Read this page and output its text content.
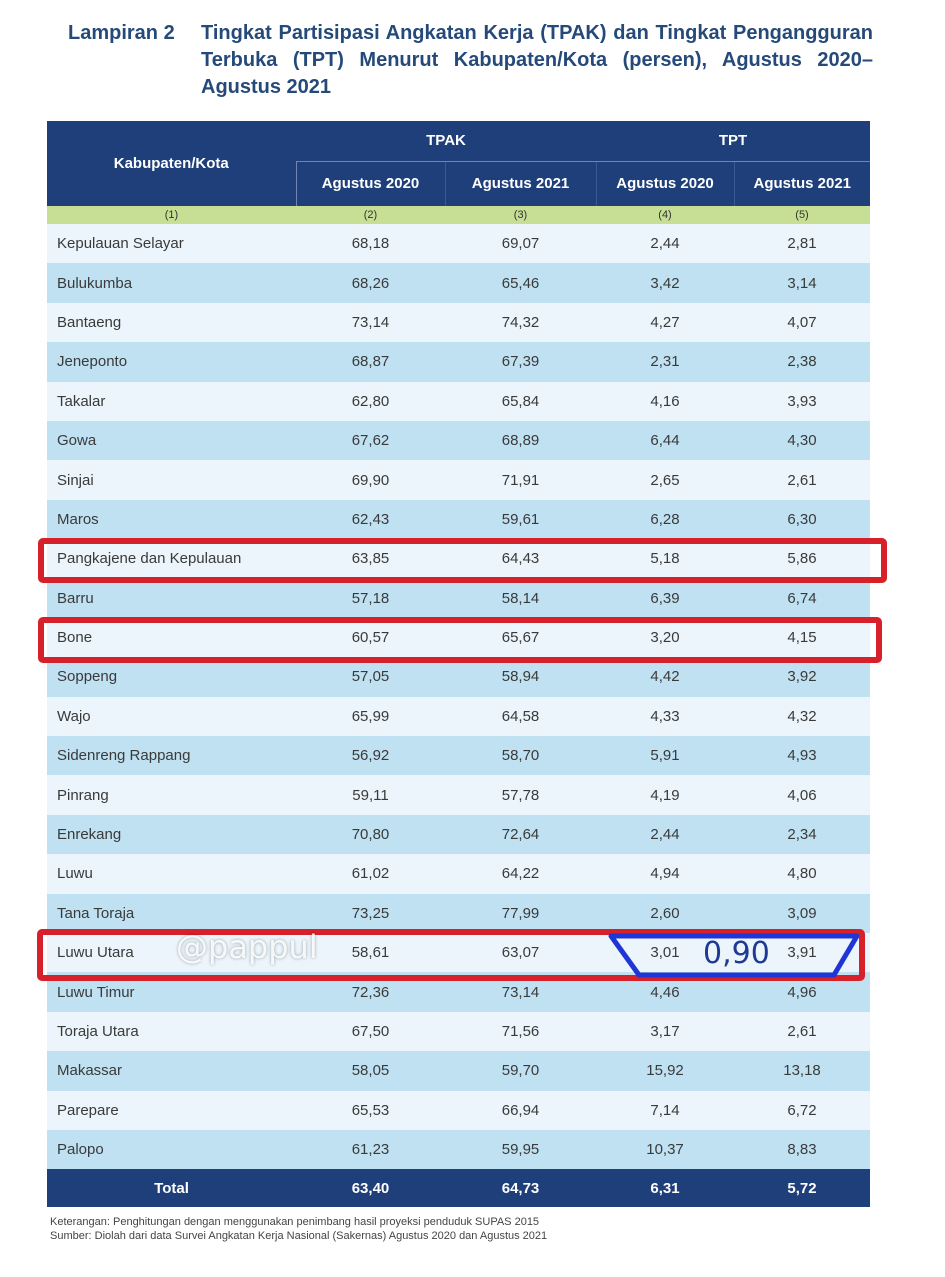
Lampiran 2	Tingkat Partisipasi Angkatan Kerja (TPAK) dan Tingkat Pengangguran Terbuka (TPT) Menurut Kabupaten/Kota (persen), Agustus 2020–Agustus 2021
Kabupaten/Kota	TPAK		TPT	
	Agustus 2020	Agustus 2021	Agustus 2020	Agustus 2021
(1)	(2)	(3)	(4)	(5)
Kepulauan Selayar	68,18	69,07	2,44	2,81
Bulukumba	68,26	65,46	3,42	3,14
Bantaeng	73,14	74,32	4,27	4,07
Jeneponto	68,87	67,39	2,31	2,38
Takalar	62,80	65,84	4,16	3,93
Gowa	67,62	68,89	6,44	4,30
Sinjai	69,90	71,91	2,65	2,61
Maros	62,43	59,61	6,28	6,30
Pangkajene dan Kepulauan	63,85	64,43	5,18	5,86
Barru	57,18	58,14	6,39	6,74
Bone	60,57	65,67	3,20	4,15
Soppeng	57,05	58,94	4,42	3,92
Wajo	65,99	64,58	4,33	4,32
Sidenreng Rappang	56,92	58,70	5,91	4,93
Pinrang	59,11	57,78	4,19	4,06
Enrekang	70,80	72,64	2,44	2,34
Luwu	61,02	64,22	4,94	4,80
Tana Toraja	73,25	77,99	2,60	3,09
Luwu Utara	58,61	63,07	3,01	3,91
Luwu Timur	72,36	73,14	4,46	4,96
Toraja Utara	67,50	71,56	3,17	2,61
Makassar	58,05	59,70	15,92	13,18
Parepare	65,53	66,94	7,14	6,72
Palopo	61,23	59,95	10,37	8,83
Total	63,40	64,73	6,31	5,72
0,90
@pappul
Keterangan: Penghitungan dengan menggunakan penimbang hasil proyeksi penduduk SUPAS 2015
Sumber: Diolah dari data Survei Angkatan Kerja Nasional (Sakernas) Agustus 2020 dan Agustus 2021
